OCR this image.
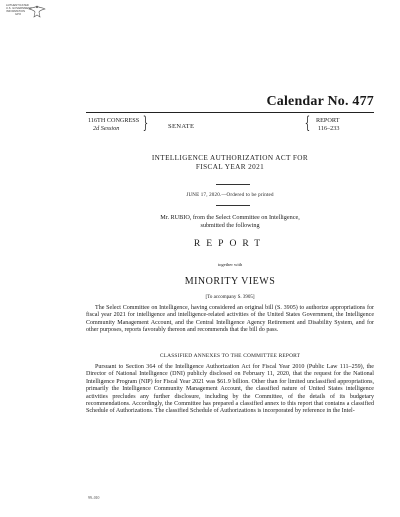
AUTHENTICATED
U.S. GOVERNMENT
INFORMATION
GPO
Calendar No. 477
116TH CONGRESS
2d Session	}	SENATE	{ REPORT
116–233
INTELLIGENCE AUTHORIZATION ACT FOR
FISCAL YEAR 2021
JUNE 17, 2020.—Ordered to be printed
Mr. RUBIO, from the Select Committee on Intelligence,
submitted the following
REPORT
together with
MINORITY VIEWS
[To accompany S. 3905]
The Select Committee on Intelligence, having considered an original bill (S. 3905) to authorize appropriations for fiscal year 2021 for intelligence and intelligence-related activities of the United States Government, the Intelligence Community Management Account, and the Central Intelligence Agency Retirement and Disability System, and for other purposes, reports favorably thereon and recommends that the bill do pass.
CLASSIFIED ANNEXES TO THE COMMITTEE REPORT
Pursuant to Section 364 of the Intelligence Authorization Act for Fiscal Year 2010 (Public Law 111–259), the Director of National Intelligence (DNI) publicly disclosed on February 11, 2020, that the request for the National Intelligence Program (NIP) for Fiscal Year 2021 was $61.9 billion. Other than for limited unclassified appropriations, primarily the Intelligence Community Management Account, the classified nature of United States intelligence activities precludes any further disclosure, including by the Committee, of the details of its budgetary recommendations. Accordingly, the Committee has prepared a classified annex to this report that contains a classified Schedule of Authorizations. The classified Schedule of Authorizations is incorporated by reference in the Intel-
99–010
